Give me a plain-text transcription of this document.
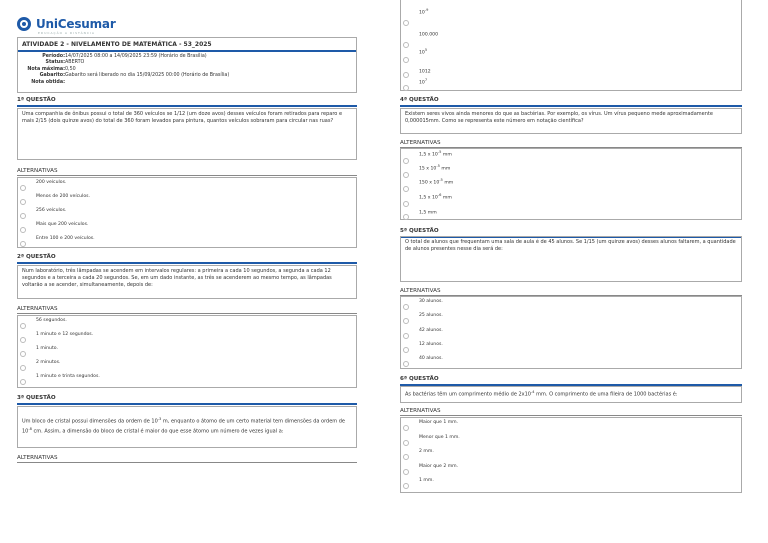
UniCesumar
EDUCAÇÃO A DISTÂNCIA
ATIVIDADE 2 - NIVELAMENTO DE MATEMÁTICA - 53_2025
Período:14/07/2025 08:00 a 14/09/2025 23:59 (Horário de Brasília)
Status:ABERTO
Nota máxima:0,50
Gabarito:Gabarito será liberado no dia 15/09/2025 00:00 (Horário de Brasília)
Nota obtida:
1ª QUESTÃO
Uma companhia de ônibus possui o total de 360 veículos se 1/12 (um doze avos) desses veículos foram retirados para reparo e mais 2/15 (dois quinze avos) do total de 360 foram levados para pintura, quantos veículos sobraram para circular nas ruas?
ALTERNATIVAS
200 veículos.
Menos de 200 veículos.
256 veículos.
Mais que 200 veículos.
Entre 100 e 200 veículos.
2ª QUESTÃO
Num laboratório, três lâmpadas se acendem em intervalos regulares: a primeira a cada 10 segundos, a segunda a cada 12 segundos e a terceira a cada 20 segundos. Se, em um dado instante, as três se acenderem ao mesmo tempo, as lâmpadas voltarão a se acender, simultaneamente, depois de:
ALTERNATIVAS
56 segundos.
1 minuto e 12 segundos.
1 minuto.
2 minutos.
1 minuto e trinta segundos.
3ª QUESTÃO
Um bloco de cristal possui dimensões da ordem de $10^{-3}$ m, enquanto o átomo de um certo material tem dimensões da ordem de $10^{-8}$ cm. Assim, a dimensão do bloco de cristal é maior do que esse átomo um número de vezes igual a:
ALTERNATIVAS
$10^{-9}$
100.000
$10^5$
1012
$10^7$
4ª QUESTÃO
Existem seres vivos ainda menores do que as bactérias. Por exemplo, os vírus. Um vírus pequeno mede aproximadamente 0,000015mm. Como se representa este número em notação científica?
ALTERNATIVAS
1,5 x $10^{-5}$ mm
15 x $10^{-5}$ mm
150 x $10^{-5}$ mm
1,5 x $10^{-6}$ mm
1,5 mm
5ª QUESTÃO
O total de alunos que frequentam uma sala de aula é de 45 alunos. Se 1/15 (um quinze avos) desses alunos faltarem, a quantidade de alunos presentes nesse dia será de:
ALTERNATIVAS
30 alunos.
25 alunos.
42 alunos.
12 alunos.
40 alunos.
6ª QUESTÃO
As bactérias têm um comprimento médio de $2x10^{-4}$ mm. O comprimento de uma fileira de 1000 bactérias é:
ALTERNATIVAS
Maior que 1 mm.
Menor que 1 mm.
2 mm.
Maior que 2 mm.
1 mm.
